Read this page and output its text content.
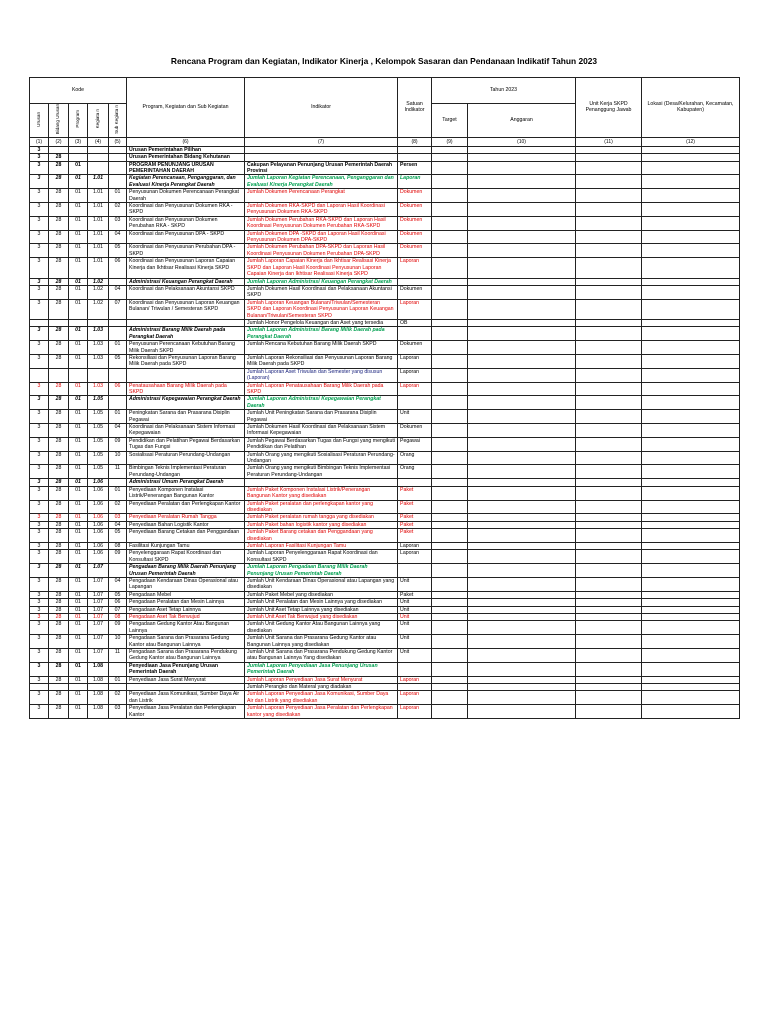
Rencana Program dan Kegiatan, Indikator Kinerja , Kelompok Sasaran dan Pendanaan Indikatif Tahun 2023
Kode					Program, Kegiatan dan Sub Kegiatan	Indikator	Satuan Indikator	Tahun 2023		Unit Kerja SKPD Penanggung Jawab	Lokasi (Desa/Kelurahan, Kecamatan, Kabupaten)
Urusan	Bidang Urusan	Program	Kegiata n	Sub Kegiata n				Target	Anggaran		
(1)	(2)	(3)	(4)	(5)	(6)	(7)	(8)	(9)	(10)	(11)	(12)
3					Urusan Pemerintahan Pilihan						
3	28				Urusan Pemerintahan Bidang Kehutanan						
3	28	01			PROGRAM PENUNJANG URUSAN PEMERINTAHAN DAERAH	Cakupan Pelayanan Penunjang Urusan Pemerintah Daerah Provinsi	Persen				
3	28	01	1.01		Kegiatan Perencanaan, Penganggaran, dan Evaluasi Kinerja Perangkat Daerah	Jumlah Laporan Kegiatan Perencanaan, Penganggaran dan Evaluasi Kinerja Perangkat Daerah	Laporan				
3	28	01	1.01	01	Penyusunan Dokumen Perencanaan Perangkat Daerah	Jumlah Dokumen Perencanaan Perangkat	Dokumen				
3	28	01	1.01	02	Koordinasi dan Penyusunan Dokumen RKA - SKPD	Jumlah Dokumen RKA-SKPD dan Laporan Hasil Koordinasi Penyusunan Dokumen RKA-SKPD	Dokumen				
3	28	01	1.01	03	Koordinasi dan Penyusunan Dokumen Perubahan RKA - SKPD	Jumlah Dokumen Perubahan RKA-SKPD dan Laporan Hasil Koordinasi Penyusunan Dokumen Perubahan RKA-SKPD	Dokumen				
3	28	01	1.01	04	Koordinasi dan Penyusunan DPA - SKPD	Jumlah Dokumen DPA -SKPD dan Laporan Hasil Koordinasi Penyusunan Dokumen DPA-SKPD	Dokumen				
3	28	01	1.01	05	Koordinasi dan Penyusunan Perubahan DPA - SKPD	Jumlah Dokumen Perubahan DPA-SKPD dan Laporan Hasil Koordinasi Penyusunan Dokumen Perubahan DPA-SKPD	Dokumen				
3	28	01	1.01	06	Koordinasi dan Penyusunan Laporan Capaian Kinerja dan Ikhtisar Realisasi Kinerja SKPD	Jumlah Laporan Capaian Kinerja dan Ikhtisar Realisasi Kinerja SKPD dan Laporan Hasil Koordinasi Penyusunan Laporan Capaian Kinerja dan Ikhtisar Realisasi Kinerja SKPD	Laporan				
3	28	01	1.02		Administrasi Keuangan Perangkat Daerah	Jumlah Laporan Administrasi Keuangan Perangkat Daerah					
3	28	01	1.02	04	Koordinasi dan Pelaksanaan Akuntansi SKPD	Jumlah Dokumen Hasil Koordinasi dan Pelaksanaan Akuntansi SKPD	Dokumen				
3	28	01	1.02	07	Koordinasi dan Penyusunan Laporan Keuangan Bulanan/ Triwulan / Semesteran SKPD	Jumlah Laporan Keuangan Bulanan/Triwulan/Semesteran SKPD dan Laporan Koordinasi Penyusunan Laporan Keuangan Bulanan/Triwulan/Semesteran SKPD	Laporan				
						Jumlah Honor Pengelola Keuangan dan Aset yang tersedia	OB				
3	28	01	1.03		Administrasi Barang Milik Daerah pada Perangkat Daerah	Jumlah Laporan Administrasi Barang Milik Daerah pada Perangkat Daerah					
3	28	01	1.03	01	Penyusunan Perencanaan Kebutuhan Barang Milik Daerah SKPD	Jumlah Rencana Kebutuhan Barang Milik Daerah SKPD	Dokumen				
3	28	01	1.03	05	Rekonsiliasi dan Penyusunan Laporan Barang Milik Daerah pada SKPD	Jumlah Laporan Rekonsiliasi dan Penyusunan Laporan Barang Milik Daerah pada SKPD	Laporan				
						Jumlah Laporan Aset Triwulan dan Semester yang disusun (Laporan)	Laporan				
3	28	01	1.03	06	Penatausahaan Barang Milik Daerah pada SKPD	Jumlah Laporan Penatausahaan Barang Milik Daerah pada SKPD	Laporan				
3	28	01	1.05		Administrasi Kepegawaian Perangkat Daerah	Jumlah Laporan Administrasi Kepegawaian Perangkat Daerah					
3	28	01	1.05	01	Peningkatan Sarana dan Prasarana Disiplin Pegawai	Jumlah Unit Peningkatan Sarana dan Prasarana Disiplin Pegawai	Unit				
3	28	01	1.05	04	Koordinasi dan Pelaksanaan Sistem Informasi Kepegawaian	Jumlah Dokumen Hasil Koordinasi dan Pelaksanaan Sistem Informasi Kepegawaian	Dokumen				
3	28	01	1.05	09	Pendidikan dan Pelatihan Pegawai Berdasarkan Tugas dan Fungsi	Jumlah Pegawai Berdasarkan Tugas dan Fungsi yang mengikuti Pendidikan dan Pelatihan	Pegawai				
3	28	01	1.05	10	Sosialisasi Peraturan Perundang-Undangan	Jumlah Orang yang mengikuti Sosialisasi Peraturan Perundang-Undangan	Orang				
3	28	01	1.05	11	Bimbingan Teknis Implementasi Peraturan Perundang-Undangan	Jumlah Orang yang mengikuti Bimbingan Teknis Implementasi Peraturan Perundang-Undangan	Orang				
3	28	01	1.06		Administrasi Umum Perangkat Daerah						
3	28	01	1.06	01	Penyediaan Komponen Instalasi Listrik/Penerangan Bangunan Kantor	Jumlah Paket Komponen Instalasi Listrik/Penerangan Bangunan Kantor yang disediakan	Paket				
3	28	01	1.06	02	Penyediaan Peralatan dan Perlengkapan Kantor	Jumlah Paket peralatan dan perlengkapan kantor yang disediakan	Paket				
3	28	01	1.06	03	Penyediaan Peralatan Rumah Tangga	Jumlah Paket peralatan rumah tangga yang disediakan	Paket				
3	28	01	1.06	04	Penyediaan Bahan Logistik Kantor	Jumlah Paket bahan logistik kantor yang disediakan	Paket				
3	28	01	1.06	05	Penyediaan Barang Cetakan dan Penggandaan	Jumlah Paket Barang cetakan dan Penggandaan yang disediakan	Paket				
3	28	01	1.06	08	Fasilitasi Kunjungan Tamu	Jumlah Laporan Fasilitasi Kunjungan Tamu	Laporan				
3	28	01	1.06	09	Penyelenggaraan Rapat Koordinasi dan Konsultasi SKPD	Jumlah Laporan Penyelenggaraan Rapat Koordinasi dan Konsultasi SKPD	Laporan				
3	28	01	1.07		Pengadaan Barang Milik Daerah Penunjang Urusan Pemerintah Daerah	Jumlah Laporan Pengadaan Barang Milik Daerah Penunjang Urusan Pemerintah Daerah					
3	28	01	1.07	04	Pengadaan Kendaraan Dinas Operasional atau Lapangan	Jumlah Unit Kendaraan Dinas Operasional atau Lapangan yang disediakan	Unit				
3	28	01	1.07	05	Pengadaan Mebel	Jumlah Paket Mebel yang disediakan	Paket				
3	28	01	1.07	06	Pengadaan Peralatan dan Mesin Lainnya	Jumlah Unit Peralatan dan Mesin Lainnya yang disediakan	Unit				
3	28	01	1.07	07	Pengadaan Aset Tetap Lainnya	Jumlah Unit Aset Tetap Lainnya yang disediakan	Unit				
3	28	01	1.07	08	Pengadaan Aset Tak Berwujud	Jumlah Unit Aset Tak Berwujud yang disediakan	Unit				
3	28	01	1.07	09	Pengadaan Gedung Kantor Atau Bangunan Lainnya	Jumlah Unit Gedung Kantor Atau Bangunan Lainnya yang disediakan	Unit				
3	28	01	1.07	10	Pengadaan Sarana dan Prasarana Gedung Kantor atau Bangunan Lainnya	Jumlah Unit Sarana dan Prasarana Gedung Kantor atau Bangunan Lainnya yang disediakan	Unit				
3	28	01	1.07	11	Pengadaan Sarana dan Prasarana Pendukung Gedung Kantor atau Bangunan Lainnya	Jumlah Unit Sarana dan Prasarana Pendukung Gedung Kantor atau Bangunan Lainnya Yang disediakan	Unit				
3	28	01	1.08		Penyediaan Jasa Penunjang Urusan Pemerintah Daerah	Jumlah Laporan Penyediaan Jasa Penunjang Urusan Pemerintah Daerah					
3	28	01	1.08	01	Penyediaan Jasa Surat Menyurat	Jumlah Laporan Penyediaan Jasa Surat Menyurat	Laporan				
						Jumlah Perangko dan Materal yang diadakan					
3	28	01	1.08	02	Penyediaan Jasa Komunikasi, Sumber Daya Air dan Listrik	Jumlah Laporan Penyediaan Jasa Komunikasi, Sumber Daya Air dan Listrik yang disediakan	Laporan				
3	28	01	1.08	03	Penyediaan Jasa Peralatan dan Perlengkapan Kantor	Jumlah Laporan Penyediaan Jasa Peralatan dan Perlengkapan kantor yang disediakan	Laporan				
